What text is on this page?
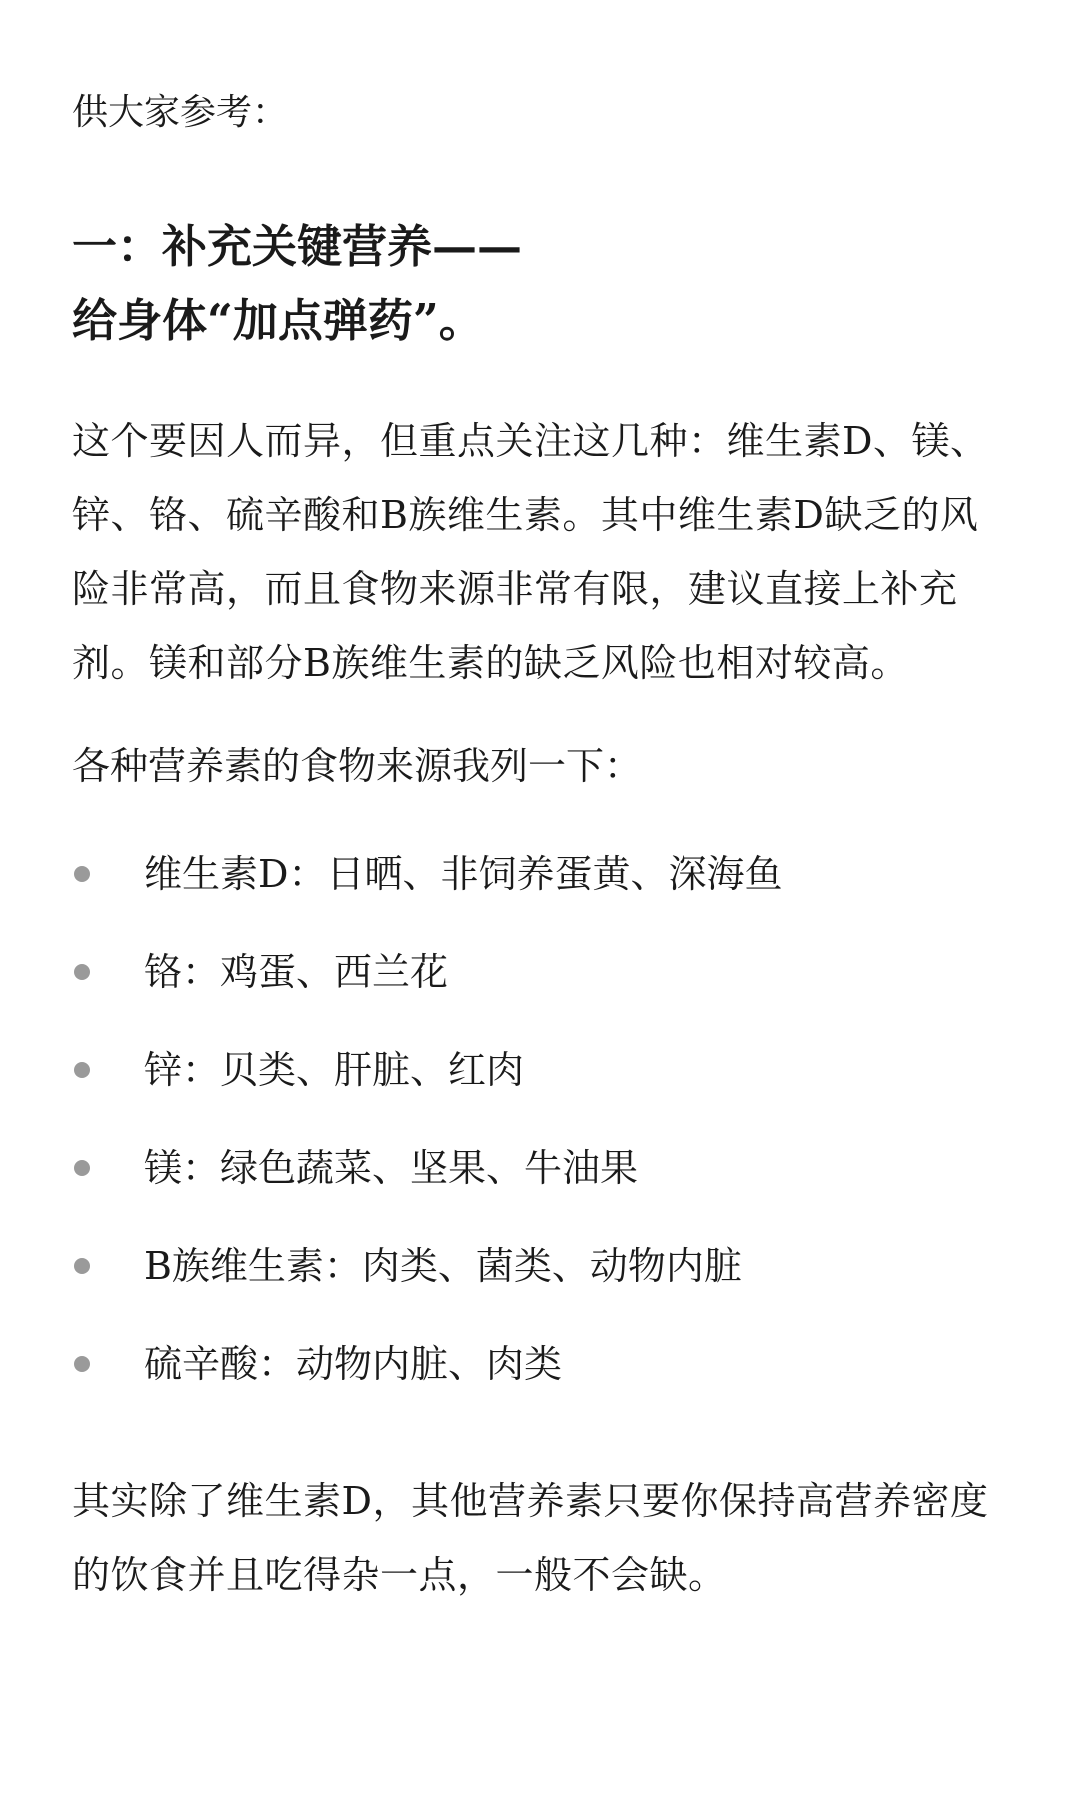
供大家参考：

一：补充关键营养——
给身体“加点弹药”。

这个要因人而异，但重点关注这几种：维生素D、镁、锌、铬、硫辛酸和B族维生素。其中维生素D缺乏的风险非常高，而且食物来源非常有限，建议直接上补充剂。镁和部分B族维生素的缺乏风险也相对较高。

各种营养素的食物来源我列一下：

维生素D：日晒、非饲养蛋黄、深海鱼
铬：鸡蛋、西兰花
锌：贝类、肝脏、红肉
镁：绿色蔬菜、坚果、牛油果
B族维生素：肉类、菌类、动物内脏
硫辛酸：动物内脏、肉类

其实除了维生素D，其他营养素只要你保持高营养密度的饮食并且吃得杂一点，一般不会缺。
